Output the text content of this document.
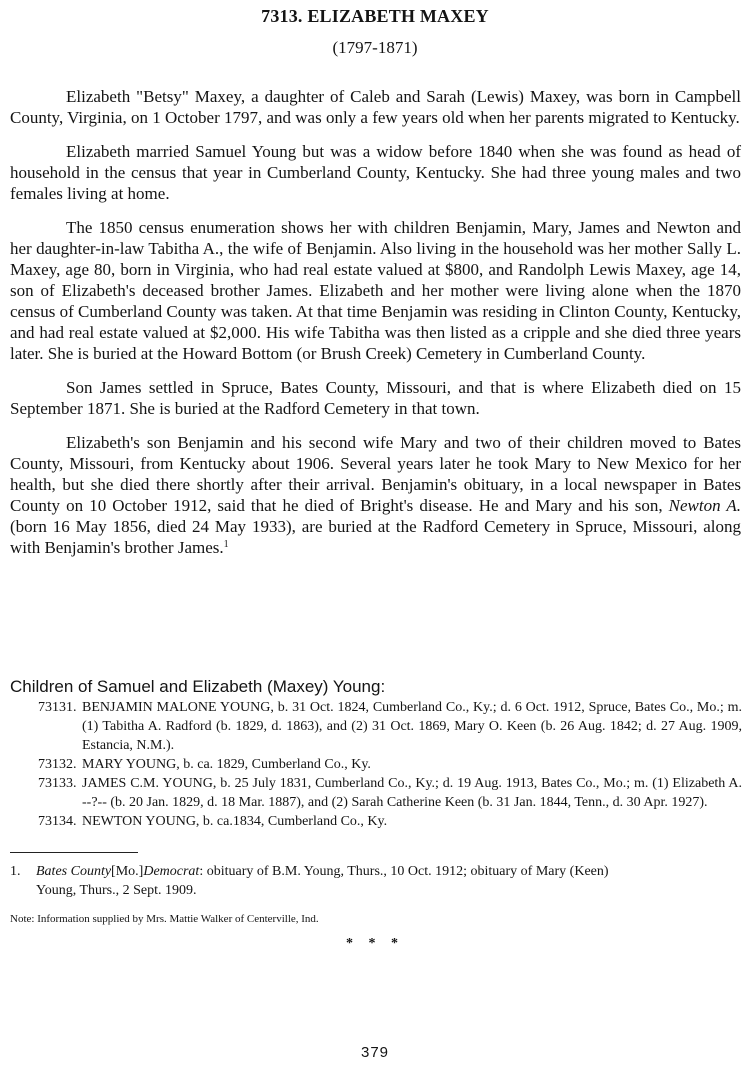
7313. ELIZABETH MAXEY
(1797-1871)

Elizabeth "Betsy" Maxey, a daughter of Caleb and Sarah (Lewis) Maxey, was born in Campbell County, Virginia, on 1 October 1797, and was only a few years old when her parents migrated to Kentucky.

Elizabeth married Samuel Young but was a widow before 1840 when she was found as head of household in the census that year in Cumberland County, Kentucky. She had three young males and two females living at home.

The 1850 census enumeration shows her with children Benjamin, Mary, James and Newton and her daughter-in-law Tabitha A., the wife of Benjamin. Also living in the household was her mother Sally L. Maxey, age 80, born in Virginia, who had real estate valued at $800, and Randolph Lewis Maxey, age 14, son of Elizabeth's deceased brother James. Elizabeth and her mother were living alone when the 1870 census of Cumberland County was taken. At that time Benjamin was residing in Clinton County, Kentucky, and had real estate valued at $2,000. His wife Tabitha was then listed as a cripple and she died three years later. She is buried at the Howard Bottom (or Brush Creek) Cemetery in Cumberland County.

Son James settled in Spruce, Bates County, Missouri, and that is where Elizabeth died on 15 September 1871. She is buried at the Radford Cemetery in that town.

Elizabeth's son Benjamin and his second wife Mary and two of their children moved to Bates County, Missouri, from Kentucky about 1906. Several years later he took Mary to New Mexico for her health, but she died there shortly after their arrival. Benjamin's obituary, in a local newspaper in Bates County on 10 October 1912, said that he died of Bright's disease. He and Mary and his son, Newton A. (born 16 May 1856, died 24 May 1933), are buried at the Radford Cemetery in Spruce, Missouri, along with Benjamin's brother James.$^1$

Children of Samuel and Elizabeth (Maxey) Young:
73131. BENJAMIN MALONE YOUNG, b. 31 Oct. 1824, Cumberland Co., Ky.; d. 6 Oct. 1912, Spruce, Bates Co., Mo.; m. (1) Tabitha A. Radford (b. 1829, d. 1863), and (2) 31 Oct. 1869, Mary O. Keen (b. 26 Aug. 1842; d. 27 Aug. 1909, Estancia, N.M.).
73132. MARY YOUNG, b. ca. 1829, Cumberland Co., Ky.
73133. JAMES C.M. YOUNG, b. 25 July 1831, Cumberland Co., Ky.; d. 19 Aug. 1913, Bates Co., Mo.; m. (1) Elizabeth A. --?-- (b. 20 Jan. 1829, d. 18 Mar. 1887), and (2) Sarah Catherine Keen (b. 31 Jan. 1844, Tenn., d. 30 Apr. 1927).
73134. NEWTON YOUNG, b. ca.1834, Cumberland Co., Ky.
1. Bates County[Mo.]Democrat: obituary of B.M. Young, Thurs., 10 Oct. 1912; obituary of Mary (Keen)
Young, Thurs., 2 Sept. 1909.
Note: Information supplied by Mrs. Mattie Walker of Centerville, Ind.
* * *
379
